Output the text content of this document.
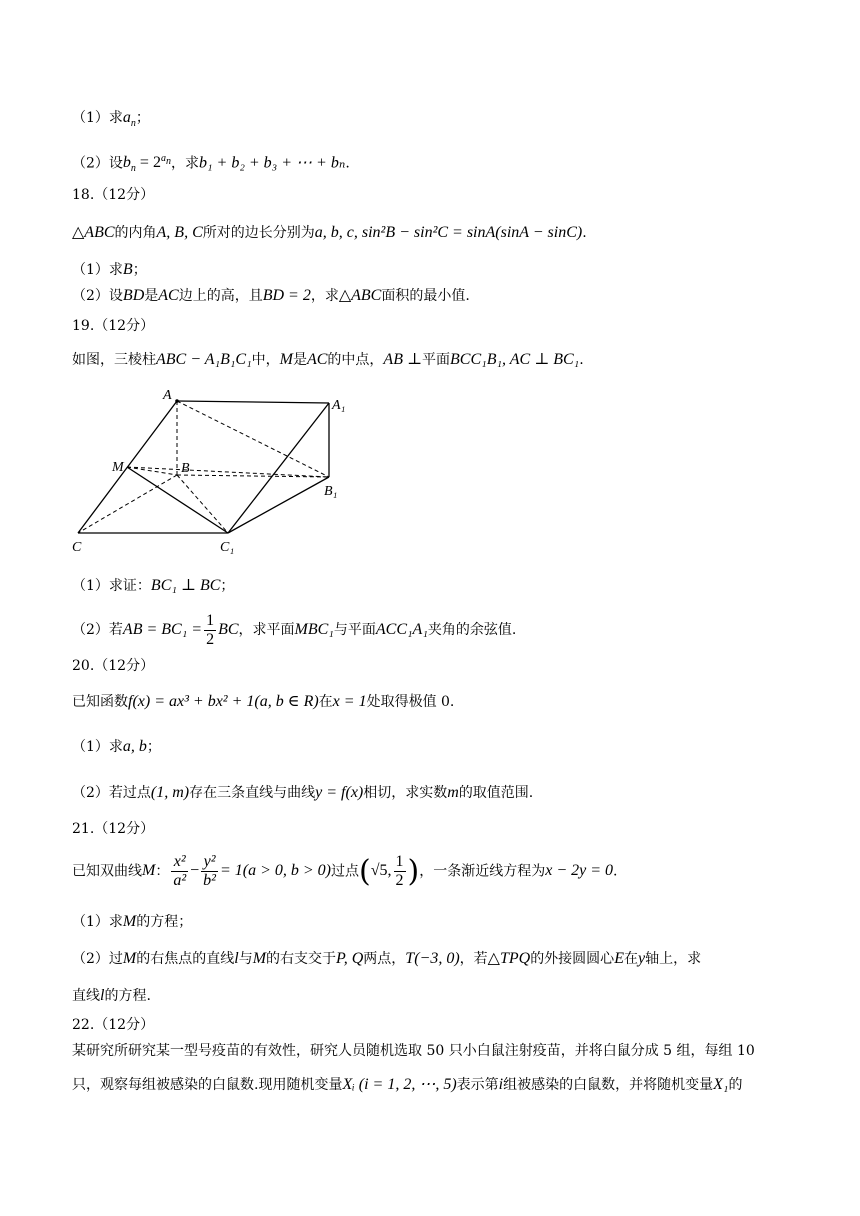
（1）求$a_n$；
（2）设$b_n = 2^{a_n}$，求b₁ + b₂ + b₃ + ⋯ + bₙ.
18.（12分）
△ABC的内角A, B, C所对的边长分别为a, b, c, sin²B − sin²C = sinA(sinA − sinC).
（1）求B；
（2）设BD是AC边上的高，且BD = 2，求△ABC面积的最小值.
19.（12分）
如图，三棱柱ABC − A₁B₁C₁中，M是AC的中点，AB ⊥平面BCC₁B₁, AC ⊥ BC₁.
A
A₁
B
B₁
M
C	C₁
（1）求证：BC₁ ⊥ BC；
（2）若AB = $BC_1 = \frac{1}{2}$ BC，求平面MBC₁与平面ACC₁A₁夹角的余弦值.
20.（12分）
已知函数f(x) = ax³ + bx² + 1(a, b ∈ R)在x = 1处取得极值 0.
（1）求a, b；
（2）若过点(1, m)存在三条直线与曲线y = f(x)相切，求实数m的取值范围.
21.（12分）
已知双曲线M： $\frac{\text{x²}}{\text{a²}} - \frac{\text{y²}}{\text{b²}} = 1(a > 0$, b > 0)过点(√5, $\frac{1}{2}$ )，一条渐近线方程为x − 2y = 0.
（1）求M的方程；
（2）过M的右焦点的直线l与M的右支交于P, Q两点，T(−3, 0)，若△TPQ的外接圆圆心E在y轴上，求
直线l的方程.
22.（12分）
某研究所研究某一型号疫苗的有效性，研究人员随机选取 50 只小白鼠注射疫苗，并将白鼠分成 5 组，每组 10
只，观察每组被感染的白鼠数.现用随机变量Xᵢ (i = 1, 2, ⋯, 5)表示第i组被感染的白鼠数，并将随机变量X₁的
